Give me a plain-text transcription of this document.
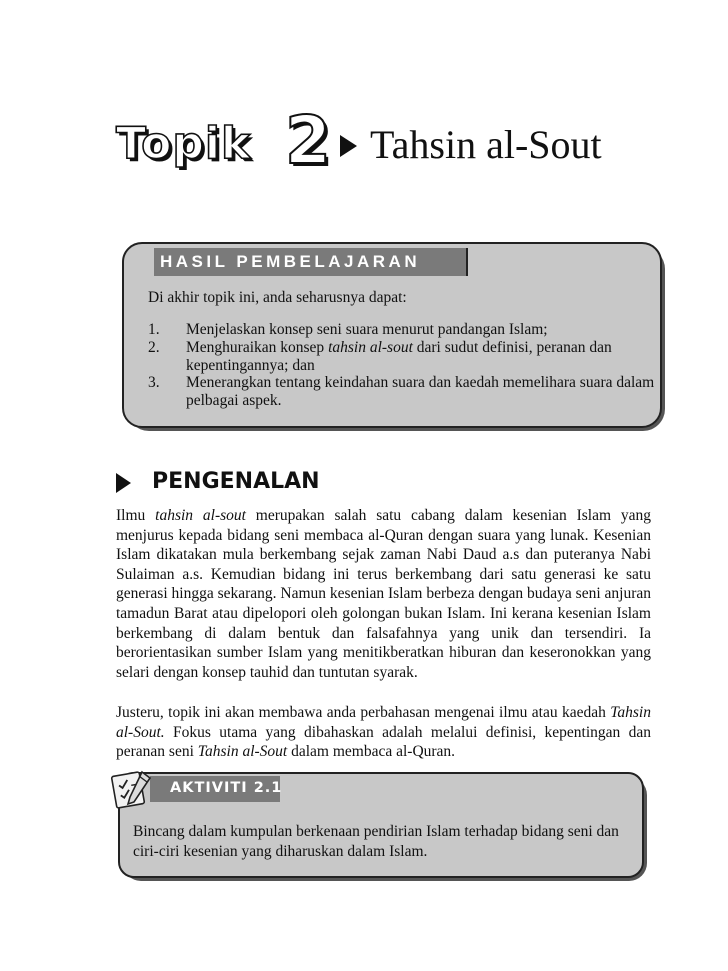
Topik 2 Tahsin al-Sout
HASIL PEMBELAJARAN
Di akhir topik ini, anda seharusnya dapat:
1. Menjelaskan konsep seni suara menurut pandangan Islam;
2. Menghuraikan konsep tahsin al-sout dari sudut definisi, peranan dan kepentingannya; dan
3. Menerangkan tentang keindahan suara dan kaedah memelihara suara dalam pelbagai aspek.
PENGENALAN
Ilmu tahsin al-sout merupakan salah satu cabang dalam kesenian Islam yang menjurus kepada bidang seni membaca al-Quran dengan suara yang lunak. Kesenian Islam dikatakan mula berkembang sejak zaman Nabi Daud a.s dan puteranya Nabi Sulaiman a.s. Kemudian bidang ini terus berkembang dari satu generasi ke satu generasi hingga sekarang. Namun kesenian Islam berbeza dengan budaya seni anjuran tamadun Barat atau dipelopori oleh golongan bukan Islam. Ini kerana kesenian Islam berkembang di dalam bentuk dan falsafahnya yang unik dan tersendiri. Ia berorientasikan sumber Islam yang menitikberatkan hiburan dan keseronokkan yang selari dengan konsep tauhid dan tuntutan syarak.
Justeru, topik ini akan membawa anda perbahasan mengenai ilmu atau kaedah Tahsin al-Sout. Fokus utama yang dibahaskan adalah melalui definisi, kepentingan dan peranan seni Tahsin al-Sout dalam membaca al-Quran.
AKTIVITI 2.1
Bincang dalam kumpulan berkenaan pendirian Islam terhadap bidang seni dan ciri-ciri kesenian yang diharuskan dalam Islam.
